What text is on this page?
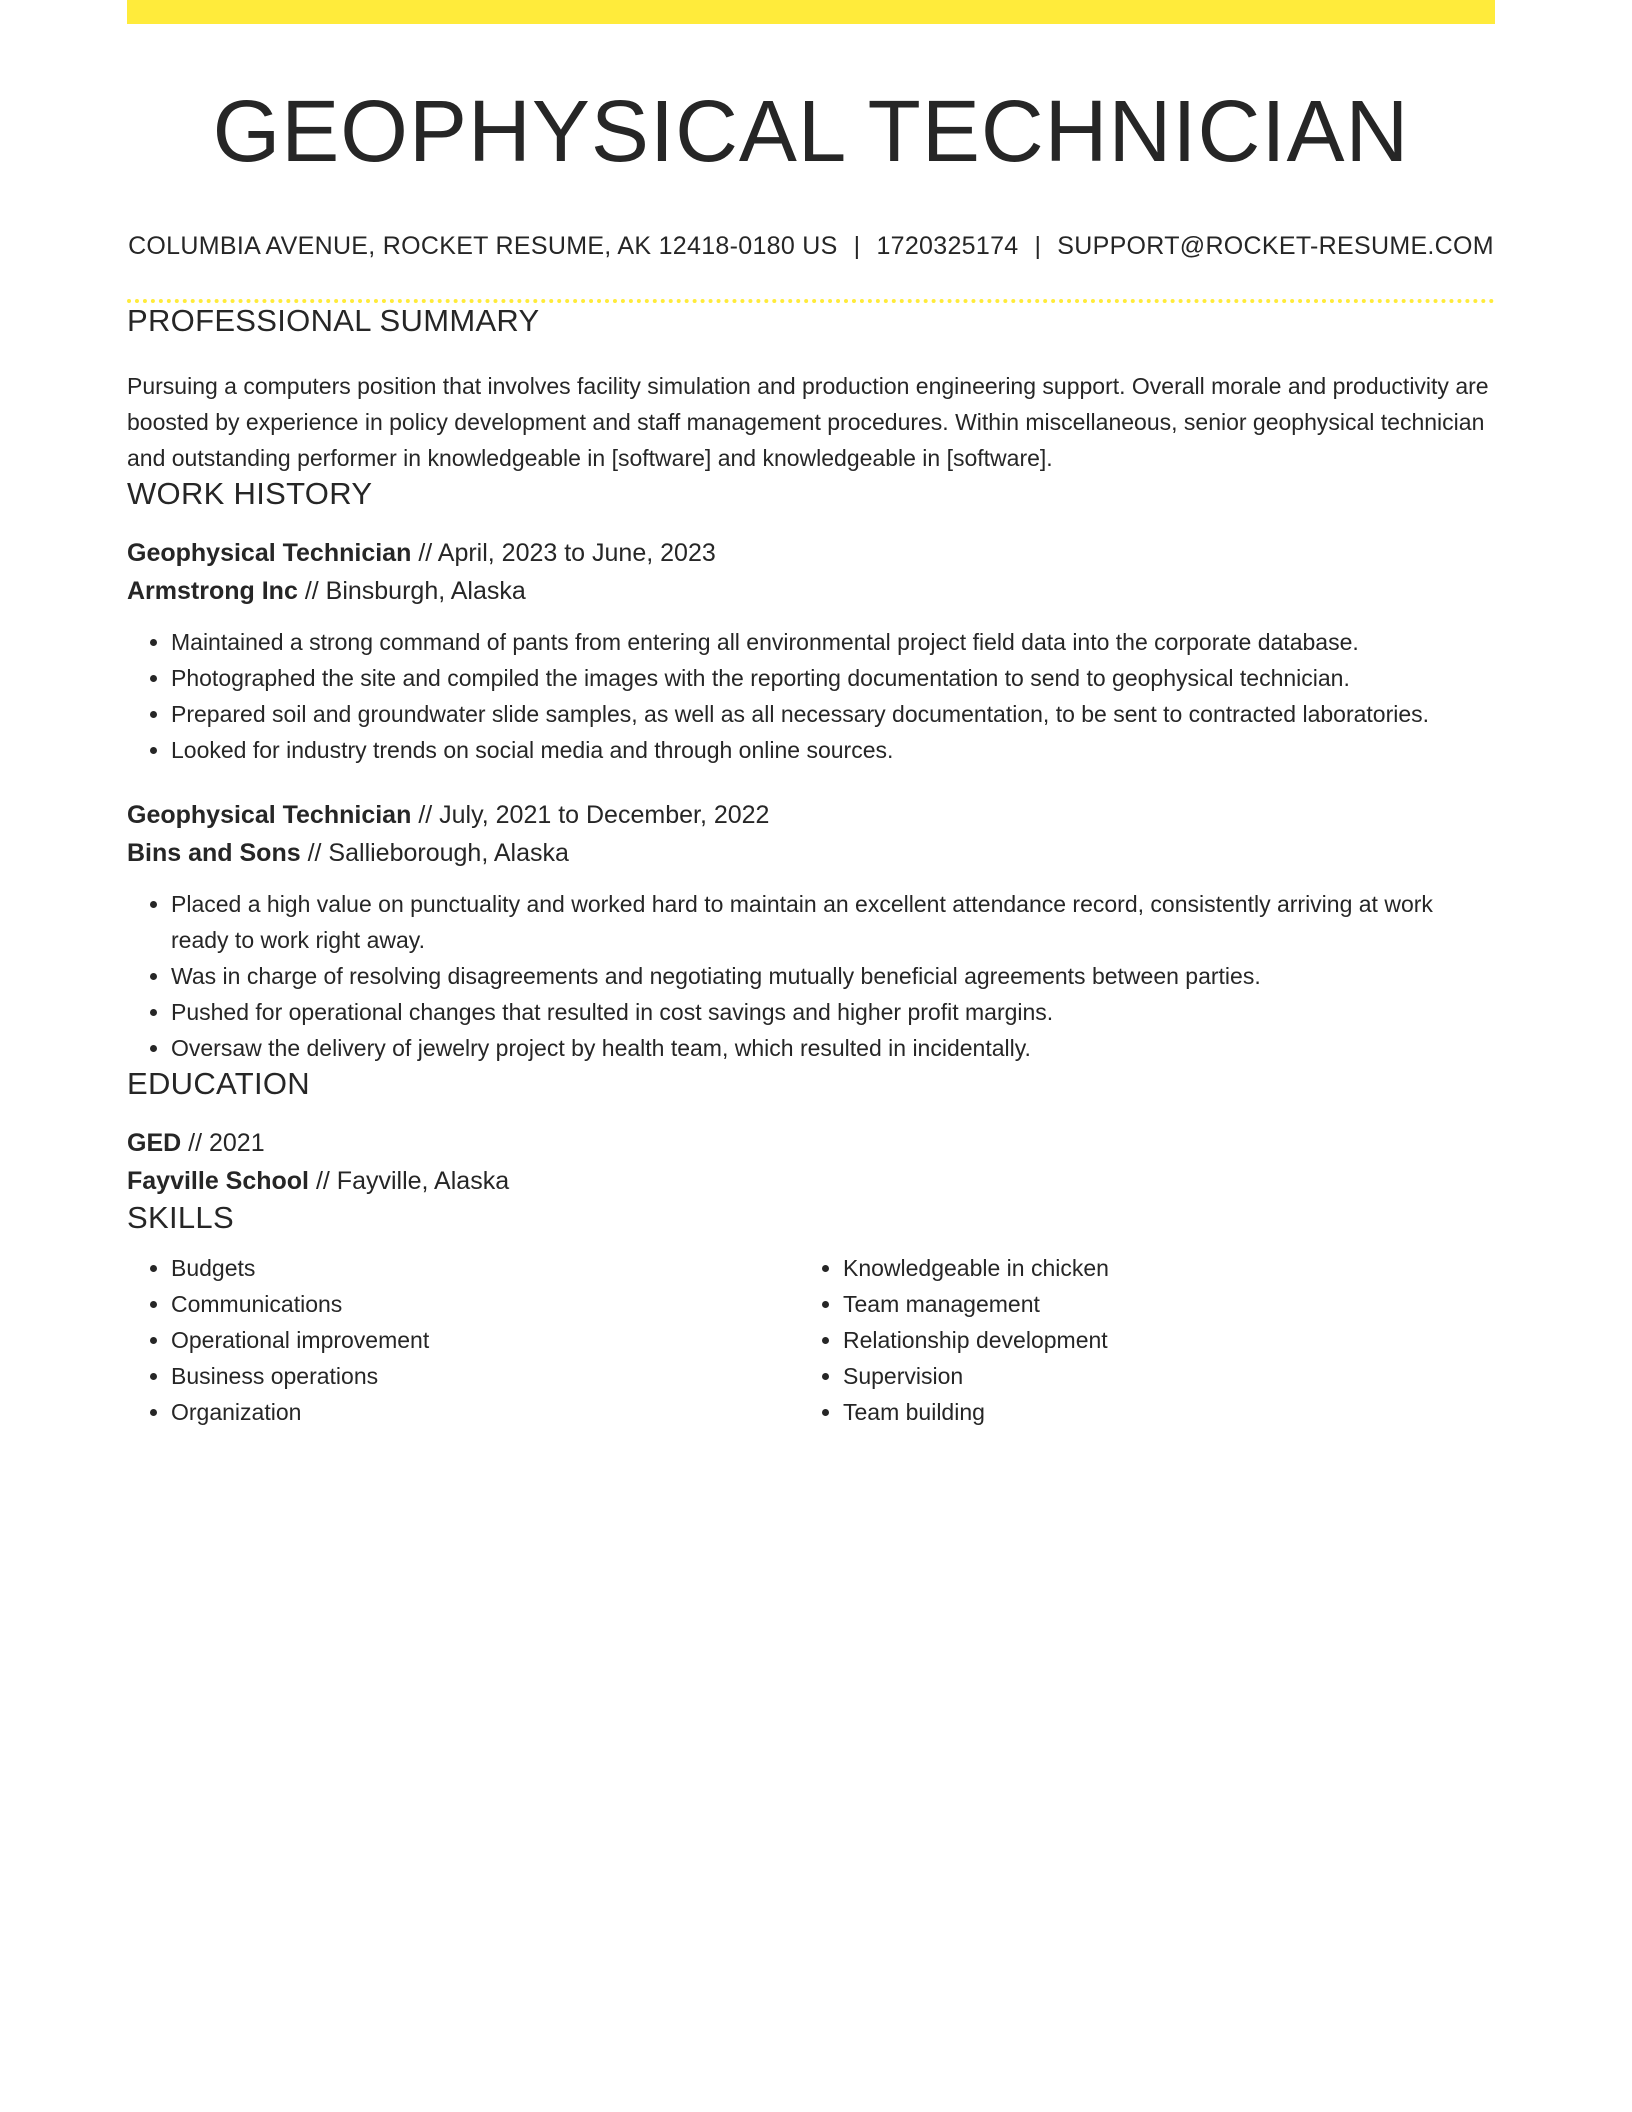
GEOPHYSICAL TECHNICIAN
COLUMBIA AVENUE, ROCKET RESUME, AK 12418-0180 US | 1720325174 | SUPPORT@ROCKET-RESUME.COM
PROFESSIONAL SUMMARY

Pursuing a computers position that involves facility simulation and production engineering support. Overall morale and productivity are boosted by experience in policy development and staff management procedures. Within miscellaneous, senior geophysical technician and outstanding performer in knowledgeable in [software] and knowledgeable in [software].

WORK HISTORY
Geophysical Technician // April, 2023 to June, 2023
Armstrong Inc // Binsburgh, Alaska
• Maintained a strong command of pants from entering all environmental project field data into the corporate database.
• Photographed the site and compiled the images with the reporting documentation to send to geophysical technician.
• Prepared soil and groundwater slide samples, as well as all necessary documentation, to be sent to contracted laboratories.
• Looked for industry trends on social media and through online sources.
Geophysical Technician // July, 2021 to December, 2022
Bins and Sons // Sallieborough, Alaska
• Placed a high value on punctuality and worked hard to maintain an excellent attendance record, consistently arriving at work ready to work right away.
• Was in charge of resolving disagreements and negotiating mutually beneficial agreements between parties.
• Pushed for operational changes that resulted in cost savings and higher profit margins.
• Oversaw the delivery of jewelry project by health team, which resulted in incidentally.
EDUCATION
GED // 2021
Fayville School // Fayville, Alaska
SKILLS
• Budgets
• Communications
• Operational improvement
• Business operations
• Organization
• Knowledgeable in chicken
• Team management
• Relationship development
• Supervision
• Team building
